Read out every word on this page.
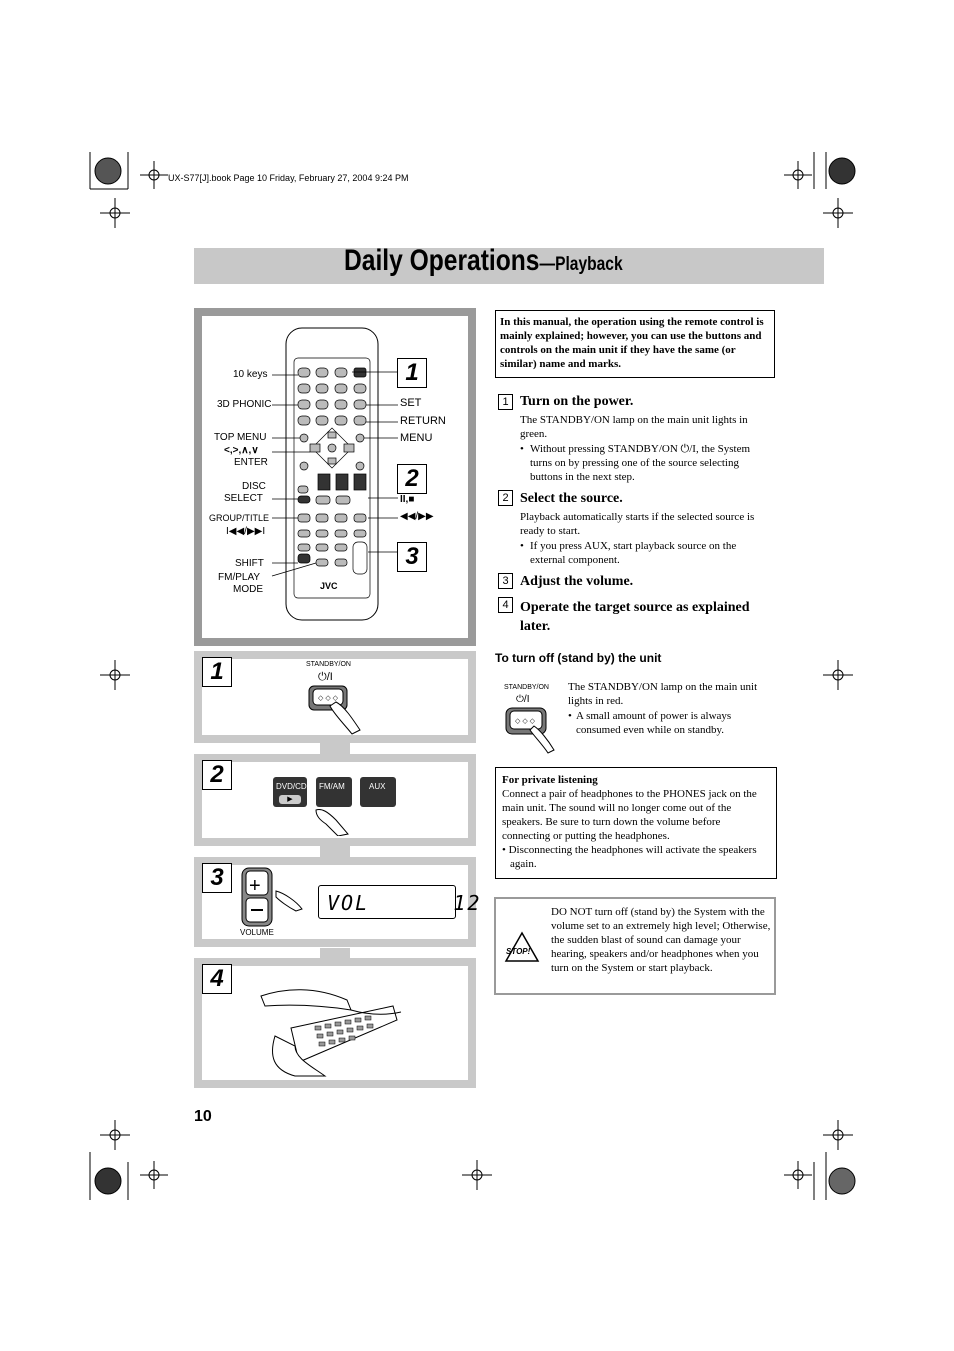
UX-S77[J].book Page 10 Friday, February 27, 2004 9:24 PM
Daily Operations—Playback
JVC
10 keys
3D PHONIC
TOP MENU
<,>,∧,∨
ENTER
DISC
SELECT
GROUP/TITLE
I◀◀/▶▶I
SHIFT
FM/PLAY
MODE
SET
RETURN
MENU
II,■
◀◀/▶▶
1
2
3
1	STANDBY/ON
⏻/I
◇ ◇ ◇
2	DVD/CD
▶
FM/AM	AUX
3	+
VOLUME
VOL      12
4
In this manual, the operation using the remote control is mainly explained; however, you can use the buttons and controls on the main unit if they have the same (or similar) name and marks.
1 Turn on the power.
The STANDBY/ON lamp on the main unit lights in green.
• Without pressing STANDBY/ON ⏻/I, the System turns on by pressing one of the source selecting buttons in the next step.
2 Select the source.
Playback automatically starts if the selected source is ready to start.
• If you press AUX, start playback source on the external component.
3 Adjust the volume.
4 Operate the target source as explained later.
To turn off (stand by) the unit
STANDBY/ON
⏻/I
◇ ◇ ◇
The STANDBY/ON lamp on the main unit lights in red.
• A small amount of power is always consumed even while on standby.
For private listening
Connect a pair of headphones to the PHONES jack on the main unit. The sound will no longer come out of the speakers. Be sure to turn down the volume before connecting or putting the headphones.
• Disconnecting the headphones will activate the speakers again.
STOP!
DO NOT turn off (stand by) the System with the volume set to an extremely high level; Otherwise, the sudden blast of sound can damage your hearing, speakers and/or headphones when you turn on the System or start playback.
10
